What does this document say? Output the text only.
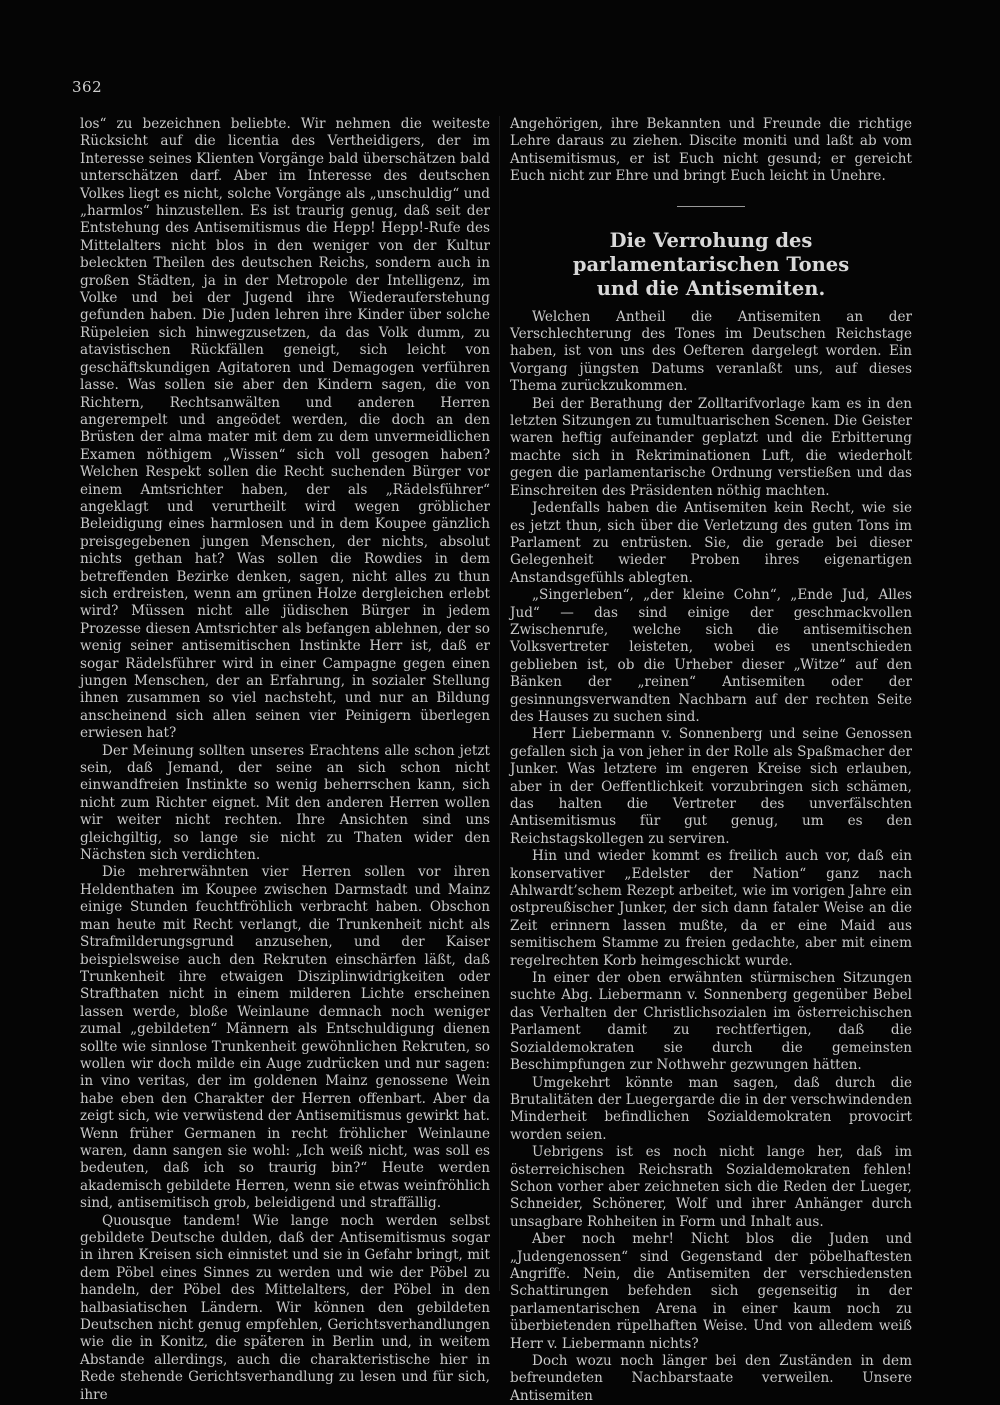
362

los“ zu bezeichnen beliebte. Wir nehmen die weiteste Rücksicht auf die licentia des Vertheidigers, der im Interesse seines Klienten Vorgänge bald überschätzen bald unterschätzen darf. Aber im Interesse des deutschen Volkes liegt es nicht, solche Vorgänge als „unschuldig“ und „harmlos“ hinzustellen. Es ist traurig genug, daß seit der Entstehung des Antisemitismus die Hepp! Hepp!-Rufe des Mittelalters nicht blos in den weniger von der Kultur beleckten Theilen des deutschen Reichs, sondern auch in großen Städten, ja in der Metropole der Intelligenz, im Volke und bei der Jugend ihre Wiederauferstehung gefunden haben. Die Juden lehren ihre Kinder über solche Rüpeleien sich hinwegzusetzen, da das Volk dumm, zu atavistischen Rückfällen geneigt, sich leicht von geschäftskundigen Agitatoren und Demagogen verführen lasse. Was sollen sie aber den Kindern sagen, die von Richtern, Rechtsanwälten und anderen Herren angerempelt und angeödet werden, die doch an den Brüsten der alma mater mit dem zu dem unvermeidlichen Examen nöthigem „Wissen“ sich voll gesogen haben? Welchen Respekt sollen die Recht suchenden Bürger vor einem Amtsrichter haben, der als „Rädelsführer“ angeklagt und verurtheilt wird wegen gröblicher Beleidigung eines harmlosen und in dem Koupee gänzlich preisgegebenen jungen Menschen, der nichts, absolut nichts gethan hat? Was sollen die Rowdies in dem betreffenden Bezirke denken, sagen, nicht alles zu thun sich erdreisten, wenn am grünen Holze dergleichen erlebt wird? Müssen nicht alle jüdischen Bürger in jedem Prozesse diesen Amtsrichter als befangen ablehnen, der so wenig seiner antisemitischen Instinkte Herr ist, daß er sogar Rädelsführer wird in einer Campagne gegen einen jungen Menschen, der an Erfahrung, in sozialer Stellung ihnen zusammen so viel nachsteht, und nur an Bildung anscheinend sich allen seinen vier Peinigern überlegen erwiesen hat?

Der Meinung sollten unseres Erachtens alle schon jetzt sein, daß Jemand, der seine an sich schon nicht einwandfreien Instinkte so wenig beherrschen kann, sich nicht zum Richter eignet. Mit den anderen Herren wollen wir weiter nicht rechten. Ihre Ansichten sind uns gleichgiltig, so lange sie nicht zu Thaten wider den Nächsten sich verdichten.

Die mehrerwähnten vier Herren sollen vor ihren Heldenthaten im Koupee zwischen Darmstadt und Mainz einige Stunden feuchtfröhlich verbracht haben. Obschon man heute mit Recht verlangt, die Trunkenheit nicht als Strafmilderungsgrund anzusehen, und der Kaiser beispielsweise auch den Rekruten einschärfen läßt, daß Trunkenheit ihre etwaigen Disziplinwidrigkeiten oder Strafthaten nicht in einem milderen Lichte erscheinen lassen werde, bloße Weinlaune demnach noch weniger zumal „gebildeten“ Männern als Entschuldigung dienen sollte wie sinnlose Trunkenheit gewöhnlichen Rekruten, so wollen wir doch milde ein Auge zudrücken und nur sagen: in vino veritas, der im goldenen Mainz genossene Wein habe eben den Charakter der Herren offenbart. Aber da zeigt sich, wie verwüstend der Antisemitismus gewirkt hat. Wenn früher Germanen in recht fröhlicher Weinlaune waren, dann sangen sie wohl: „Ich weiß nicht, was soll es bedeuten, daß ich so traurig bin?“ Heute werden akademisch gebildete Herren, wenn sie etwas weinfröhlich sind, antisemitisch grob, beleidigend und straffällig.

Quousque tandem! Wie lange noch werden selbst gebildete Deutsche dulden, daß der Antisemitismus sogar in ihren Kreisen sich einnistet und sie in Gefahr bringt, mit dem Pöbel eines Sinnes zu werden und wie der Pöbel zu handeln, der Pöbel des Mittelalters, der Pöbel in den halbasiatischen Ländern. Wir können den gebildeten Deutschen nicht genug empfehlen, Gerichtsverhandlungen wie die in Konitz, die späteren in Berlin und, in weitem Abstande allerdings, auch die charakteristische hier in Rede stehende Gerichtsverhandlung zu lesen und für sich, ihre

Angehörigen, ihre Bekannten und Freunde die richtige Lehre daraus zu ziehen. Discite moniti und laßt ab vom Antisemitismus, er ist Euch nicht gesund; er gereicht Euch nicht zur Ehre und bringt Euch leicht in Unehre.

Die Verrohung des parlamentarischen Tones
und die Antisemiten.

Welchen Antheil die Antisemiten an der Verschlechterung des Tones im Deutschen Reichstage haben, ist von uns des Oefteren dargelegt worden. Ein Vorgang jüngsten Datums veranlaßt uns, auf dieses Thema zurückzukommen.

Bei der Berathung der Zolltarifvorlage kam es in den letzten Sitzungen zu tumultuarischen Scenen. Die Geister waren heftig aufeinander geplatzt und die Erbitterung machte sich in Rekriminationen Luft, die wiederholt gegen die parlamentarische Ordnung verstießen und das Einschreiten des Präsidenten nöthig machten.

Jedenfalls haben die Antisemiten kein Recht, wie sie es jetzt thun, sich über die Verletzung des guten Tons im Parlament zu entrüsten. Sie, die gerade bei dieser Gelegenheit wieder Proben ihres eigenartigen Anstandsgefühls ablegten.

„Singerleben“, „der kleine Cohn“, „Ende Jud, Alles Jud“ — das sind einige der geschmackvollen Zwischenrufe, welche sich die antisemitischen Volksvertreter leisteten, wobei es unentschieden geblieben ist, ob die Urheber dieser „Witze“ auf den Bänken der „reinen“ Antisemiten oder der gesinnungsverwandten Nachbarn auf der rechten Seite des Hauses zu suchen sind.

Herr Liebermann v. Sonnenberg und seine Genossen gefallen sich ja von jeher in der Rolle als Spaßmacher der Junker. Was letztere im engeren Kreise sich erlauben, aber in der Oeffentlichkeit vorzubringen sich schämen, das halten die Vertreter des unverfälschten Antisemitismus für gut genug, um es den Reichstagskollegen zu serviren.

Hin und wieder kommt es freilich auch vor, daß ein konservativer „Edelster der Nation“ ganz nach Ahlwardt’schem Rezept arbeitet, wie im vorigen Jahre ein ostpreußischer Junker, der sich dann fataler Weise an die Zeit erinnern lassen mußte, da er eine Maid aus semitischem Stamme zu freien gedachte, aber mit einem regelrechten Korb heimgeschickt wurde.

In einer der oben erwähnten stürmischen Sitzungen suchte Abg. Liebermann v. Sonnenberg gegenüber Bebel das Verhalten der Christlichsozialen im österreichischen Parlament damit zu rechtfertigen, daß die Sozialdemokraten sie durch die gemeinsten Beschimpfungen zur Nothwehr gezwungen hätten.

Umgekehrt könnte man sagen, daß durch die Brutalitäten der Luegergarde die in der verschwindenden Minderheit befindlichen Sozialdemokraten provocirt worden seien.

Uebrigens ist es noch nicht lange her, daß im österreichischen Reichsrath Sozialdemokraten fehlen! Schon vorher aber zeichneten sich die Reden der Lueger, Schneider, Schönerer, Wolf und ihrer Anhänger durch unsagbare Rohheiten in Form und Inhalt aus.

Aber noch mehr! Nicht blos die Juden und „Judengenossen“ sind Gegenstand der pöbelhaftesten Angriffe. Nein, die Antisemiten der verschiedensten Schattirungen befehden sich gegenseitig in der parlamentarischen Arena in einer kaum noch zu überbietenden rüpelhaften Weise. Und von alledem weiß Herr v. Liebermann nichts?

Doch wozu noch länger bei den Zuständen in dem befreundeten Nachbarstaate verweilen. Unsere Antisemiten
